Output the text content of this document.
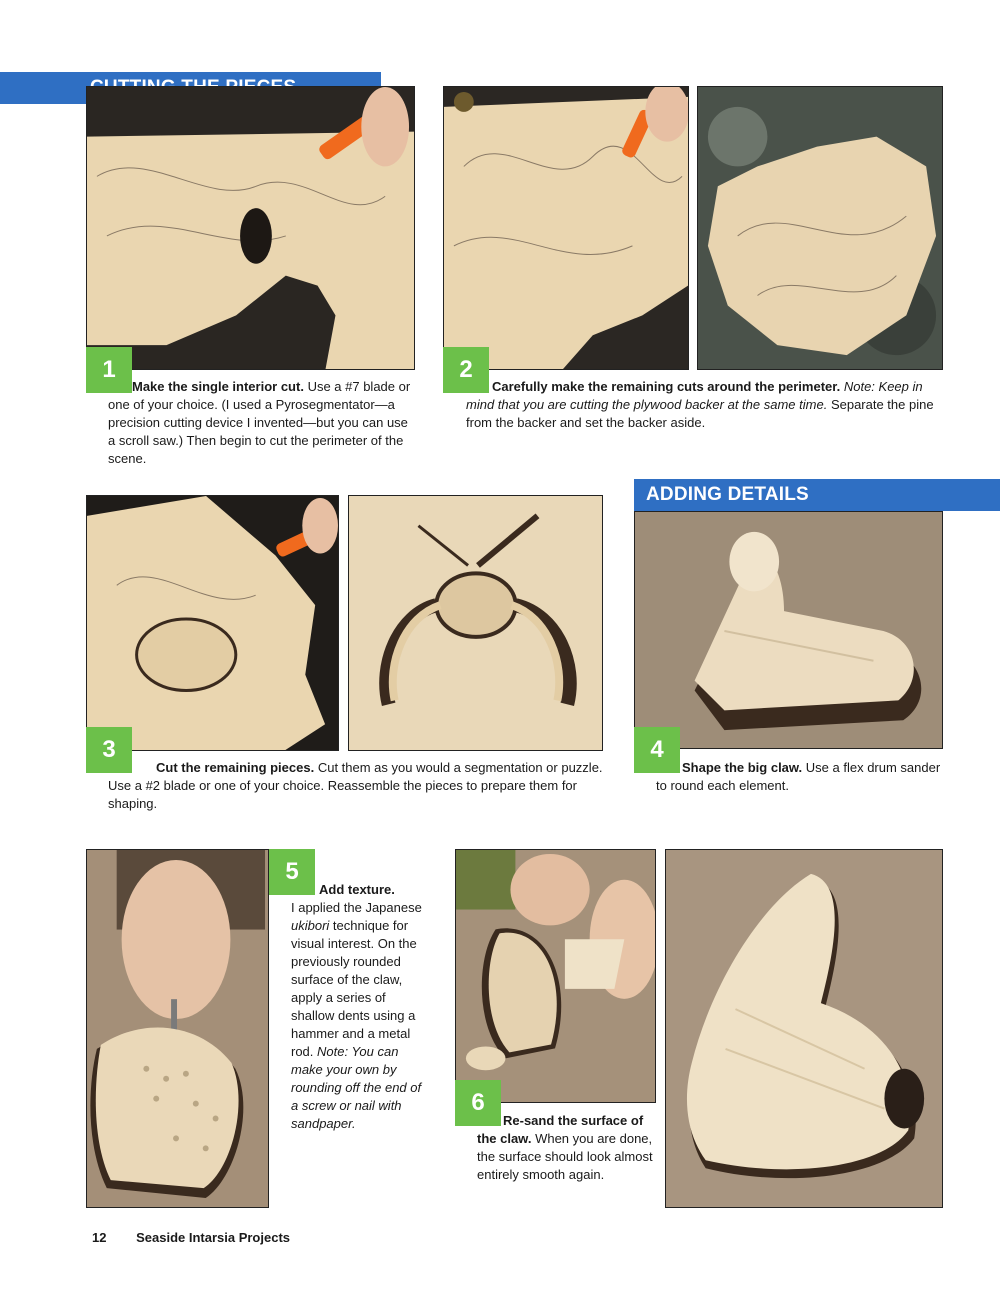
ADDING DETAILS
1
Make the single interior cut. Use a #7 blade or one of your choice. (I used a Pyrosegmentator—a precision cutting device I invented—but you can use a scroll saw.) Then begin to cut the perimeter of the scene.
2
Carefully make the remaining cuts around the perimeter. Note: Keep in mind that you are cutting the plywood backer at the same time. Separate the pine from the backer and set the backer aside.
3
Cut the remaining pieces. Cut them as you would a segmentation or puzzle. Use a #2 blade or one of your choice. Reassemble the pieces to prepare them for shaping.
4
Shape the big claw. Use a flex drum sander to round each element.
5
Add texture.
I applied the Japanese ukibori technique for visual interest. On the previously rounded surface of the claw, apply a series of shallow dents using a hammer and a metal rod. Note: You can make your own by rounding off the end of a screw or nail with sandpaper.
6
Re-sand the surface of the claw. When you are done, the surface should look almost entirely smooth again.
12 Seaside Intarsia Projects
